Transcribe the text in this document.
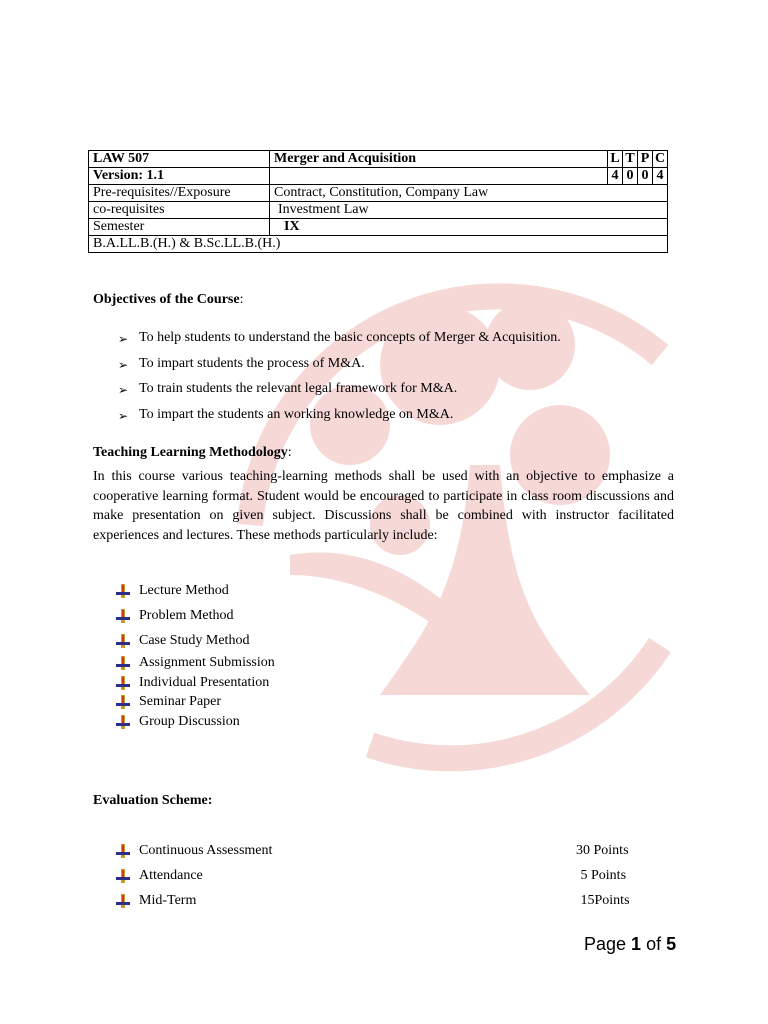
LAW 507	Merger and Acquisition	L	T	P	C
Version: 1.1		4	0	0	4
Pre-requisites//Exposure	Contract, Constitution, Company Law				
co-requisites	Investment Law				
Semester	IX				
B.A.LL.B.(H.) & B.Sc.LL.B.(H.)					
Objectives of the Course:
➢ To help students to understand the basic concepts of Merger & Acquisition.
➢ To impart students the process of M&A.
➢ To train students the relevant legal framework for M&A.
➢ To impart the students an working knowledge on M&A.
Teaching Learning Methodology:

In this course various teaching-learning methods shall be used with an objective to emphasize a cooperative learning format. Student would be encouraged to participate in class room discussions and make presentation on given subject. Discussions shall be combined with instructor facilitated experiences and lectures. These methods particularly include:

Lecture Method
Problem Method
Case Study Method
Assignment Submission
Individual Presentation
Seminar Paper
Group Discussion
Evaluation Scheme:
Continuous Assessment	30 Points
Attendance	5 Points
Mid-Term	15Points
Page 1 of 5
